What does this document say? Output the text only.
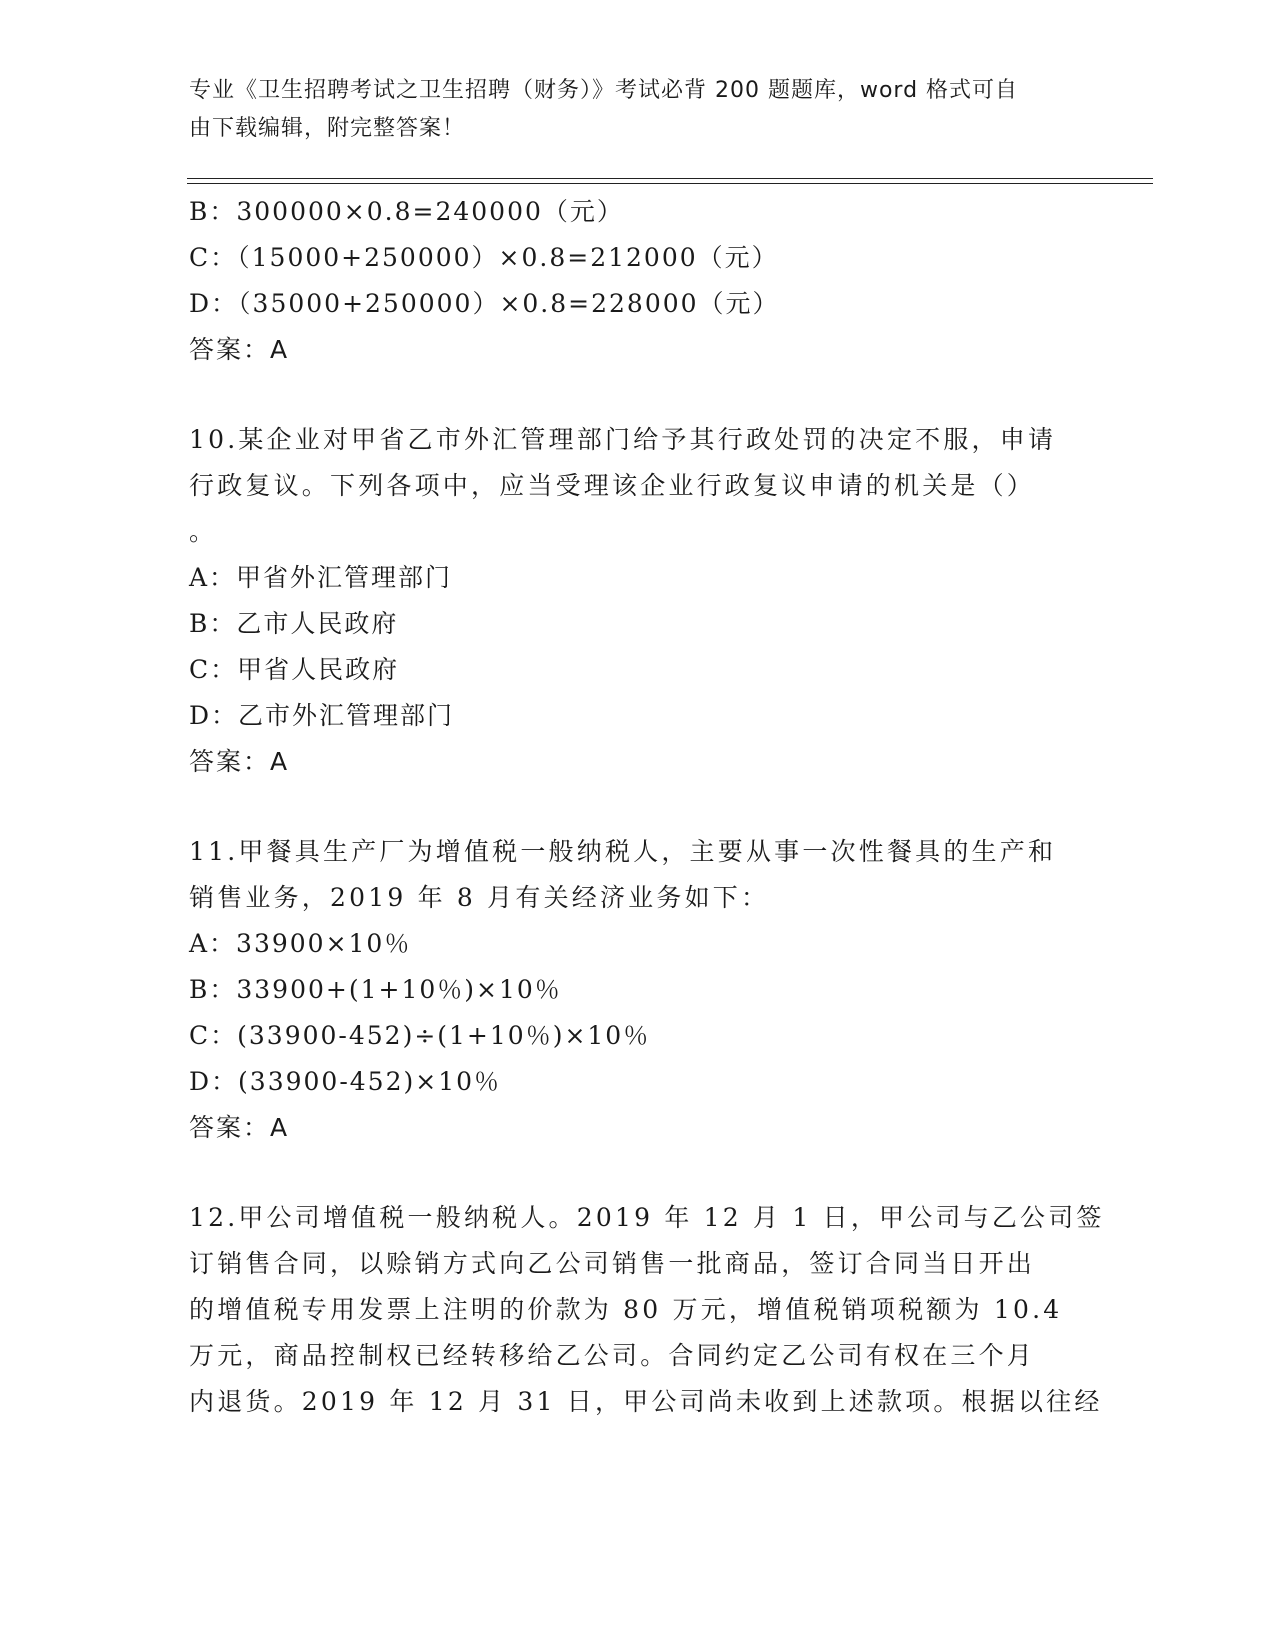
专业《卫生招聘考试之卫生招聘（财务）》考试必背 200 题题库，word 格式可自
由下载编辑，附完整答案！
B：300000×0.8=240000（元）
C：（15000+250000）×0.8=212000（元）
D：（35000+250000）×0.8=228000（元）
答案：A
10.某企业对甲省乙市外汇管理部门给予其行政处罚的决定不服，申请
行政复议。下列各项中，应当受理该企业行政复议申请的机关是（）
。
A：甲省外汇管理部门
B：乙市人民政府
C：甲省人民政府
D：乙市外汇管理部门
答案：A
11.甲餐具生产厂为增值税一般纳税人，主要从事一次性餐具的生产和
销售业务，2019 年 8 月有关经济业务如下：
A：33900×10％
B：33900+(1+10％)×10％
C：(33900-452)÷(1+10％)×10％
D：(33900-452)×10％
答案：A
12.甲公司增值税一般纳税人。2019 年 12 月 1 日，甲公司与乙公司签
订销售合同，以赊销方式向乙公司销售一批商品，签订合同当日开出
的增值税专用发票上注明的价款为 80 万元，增值税销项税额为 10.4
万元，商品控制权已经转移给乙公司。合同约定乙公司有权在三个月
内退货。2019 年 12 月 31 日，甲公司尚未收到上述款项。根据以往经
